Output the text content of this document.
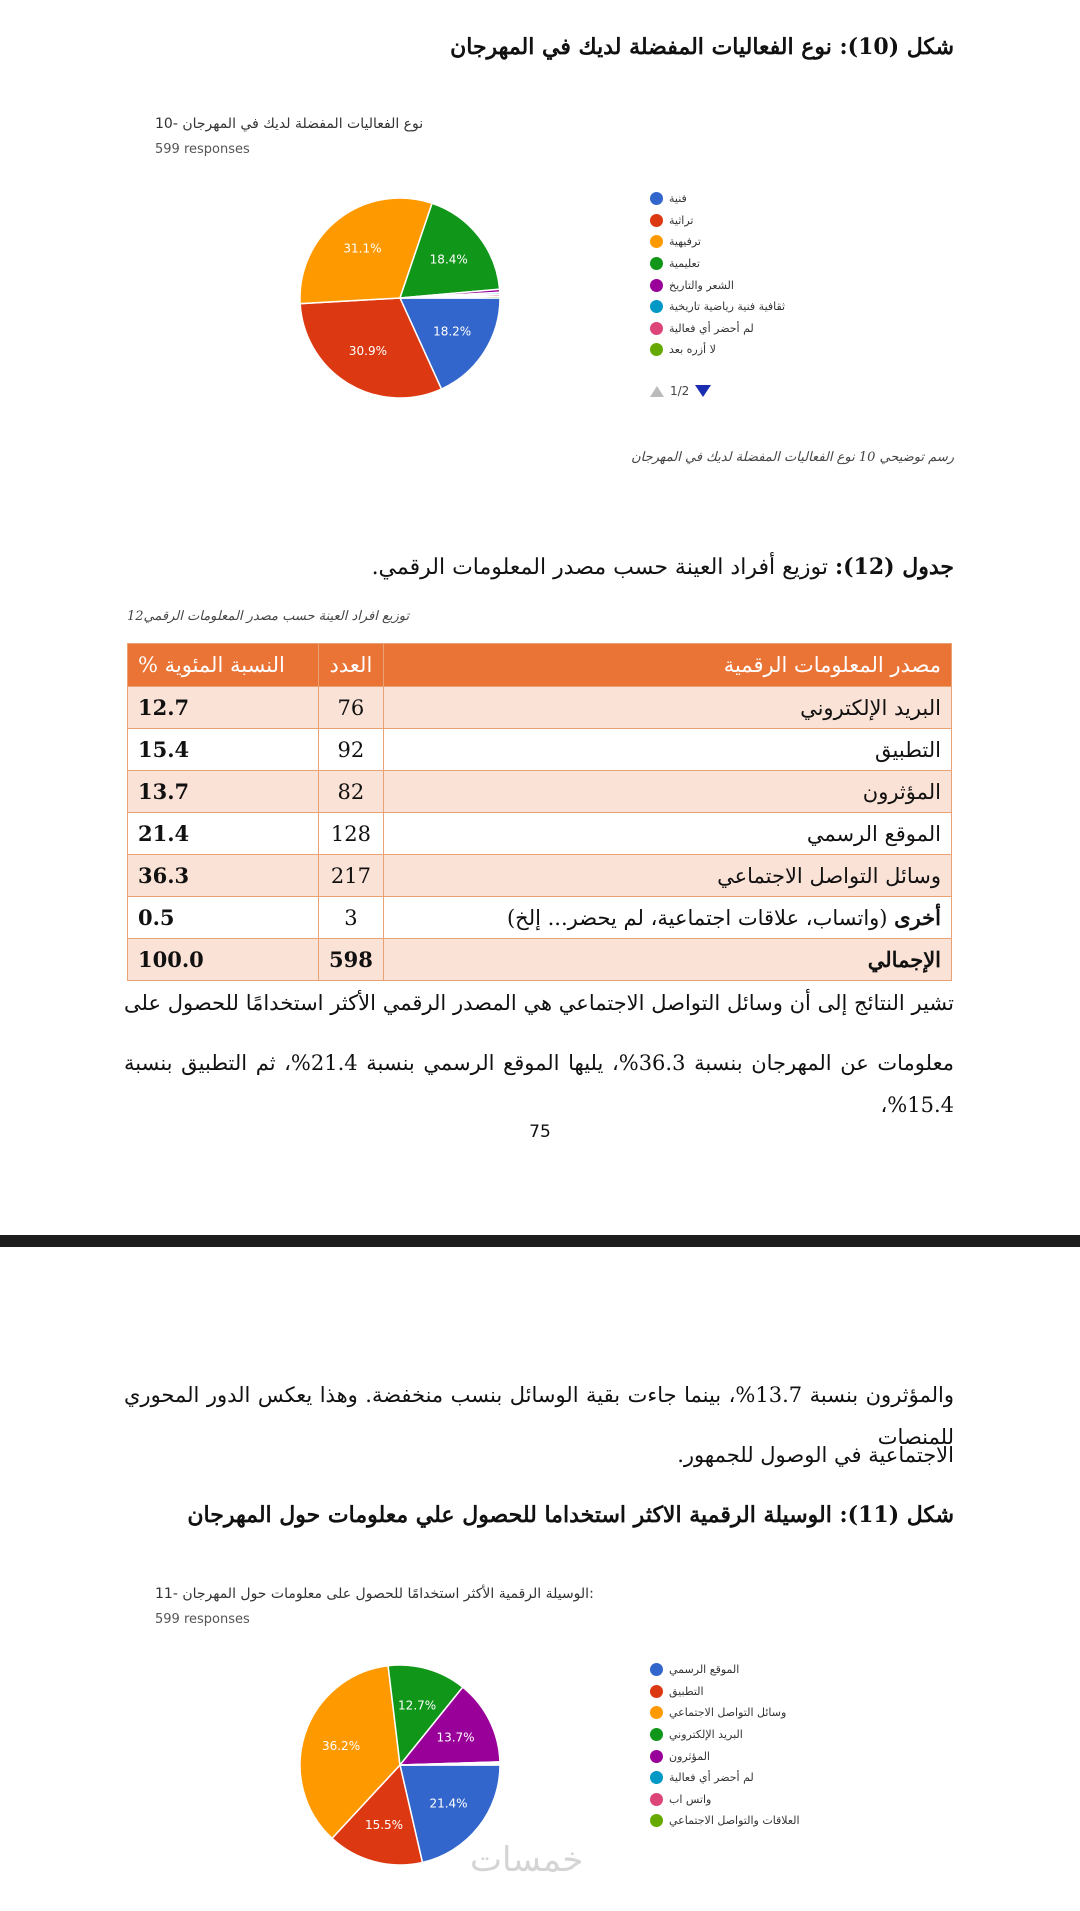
شكل (10): نوع الفعاليات المفضلة لديك في المهرجان
نوع الفعاليات المفضلة لديك في المهرجان -10
599 responses
18.2%
30.9%
31.1%
18.4%
فنية
تراثية
ترفيهية
تعليمية
الشعر والتاريخ
ثقافية فنية رياضية تاريخية
لم أحضر أي فعالية
لا أزره بعد
1/2
رسم توضيحي 10 نوع الفعاليات المفضلة لديك في المهرجان
جدول (12): توزيع أفراد العينة حسب مصدر المعلومات الرقمي.
توزيع افراد العينة حسب مصدر المعلومات الرقمي12
مصدر المعلومات الرقمية	العدد	النسبة المئوية %
البريد الإلكتروني	76	12.7
التطبيق	92	15.4
المؤثرون	82	13.7
الموقع الرسمي	128	21.4
وسائل التواصل الاجتماعي	217	36.3
أخرى (واتساب، علاقات اجتماعية، لم يحضر... إلخ)	3	0.5
الإجمالي	598	100.0
تشير النتائج إلى أن وسائل التواصل الاجتماعي هي المصدر الرقمي الأكثر استخدامًا للحصول على
معلومات عن المهرجان بنسبة 36.3%، يليها الموقع الرسمي بنسبة 21.4%، ثم التطبيق بنسبة 15.4%،
75
والمؤثرون بنسبة 13.7%، بينما جاءت بقية الوسائل بنسب منخفضة. وهذا يعكس الدور المحوري للمنصات
الاجتماعية في الوصول للجمهور.
شكل (11): الوسيلة الرقمية الاكثر استخداما للحصول علي معلومات حول المهرجان
11- الوسيلة الرقمية الأكثر استخدامًا للحصول على معلومات حول المهرجان:
599 responses
21.4%
15.5%
36.2%
12.7%
13.7%
الموقع الرسمي
التطبيق
وسائل التواصل الاجتماعي
البريد الإلكتروني
المؤثرون
لم أحضر أي فعالية
واتس اب
العلاقات والتواصل الاجتماعي
خمسات
